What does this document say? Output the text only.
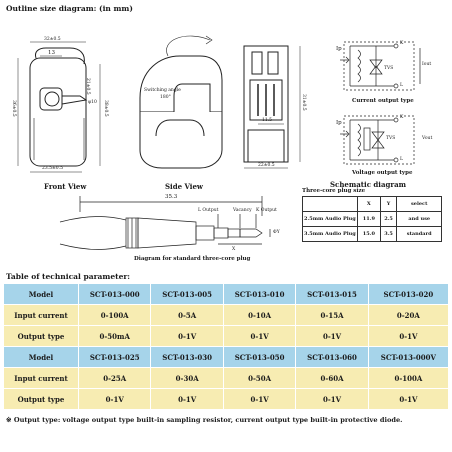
Outline size diagram: (in mm)
32±0.5
13
21±0.5
38±0.5
36±0.5	φ10
23.5±0.5
Front View
Switching angle
180°
Side View
11.5
31±0.5
22±0.5
Ip
K
L
TVS
Iout
Current output type
Ip
K
L
TVS	Vout
Voltage output type
Schematic diagram
35.3
L Output	Vacancy K Output
ΦY
X
Diagram for standard three-core plug
Three-core plug size
	X	Y	select
2.5mm Audio Plug	11.9	2.5	and use
3.5mm Audio Plug	15.0	3.5	standard
Table of technical parameter:
Model	SCT-013-000	SCT-013-005	SCT-013-010	SCT-013-015	SCT-013-020
Input current	0-100A	0-5A	0-10A	0-15A	0-20A
Output type	0-50mA	0-1V	0-1V	0-1V	0-1V
Model	SCT-013-025	SCT-013-030	SCT-013-050	SCT-013-060	SCT-013-000V
Input current	0-25A	0-30A	0-50A	0-60A	0-100A
Output type	0-1V	0-1V	0-1V	0-1V	0-1V
※ Output type: voltage output type built-in sampling resistor, current output type built-in protective diode.
